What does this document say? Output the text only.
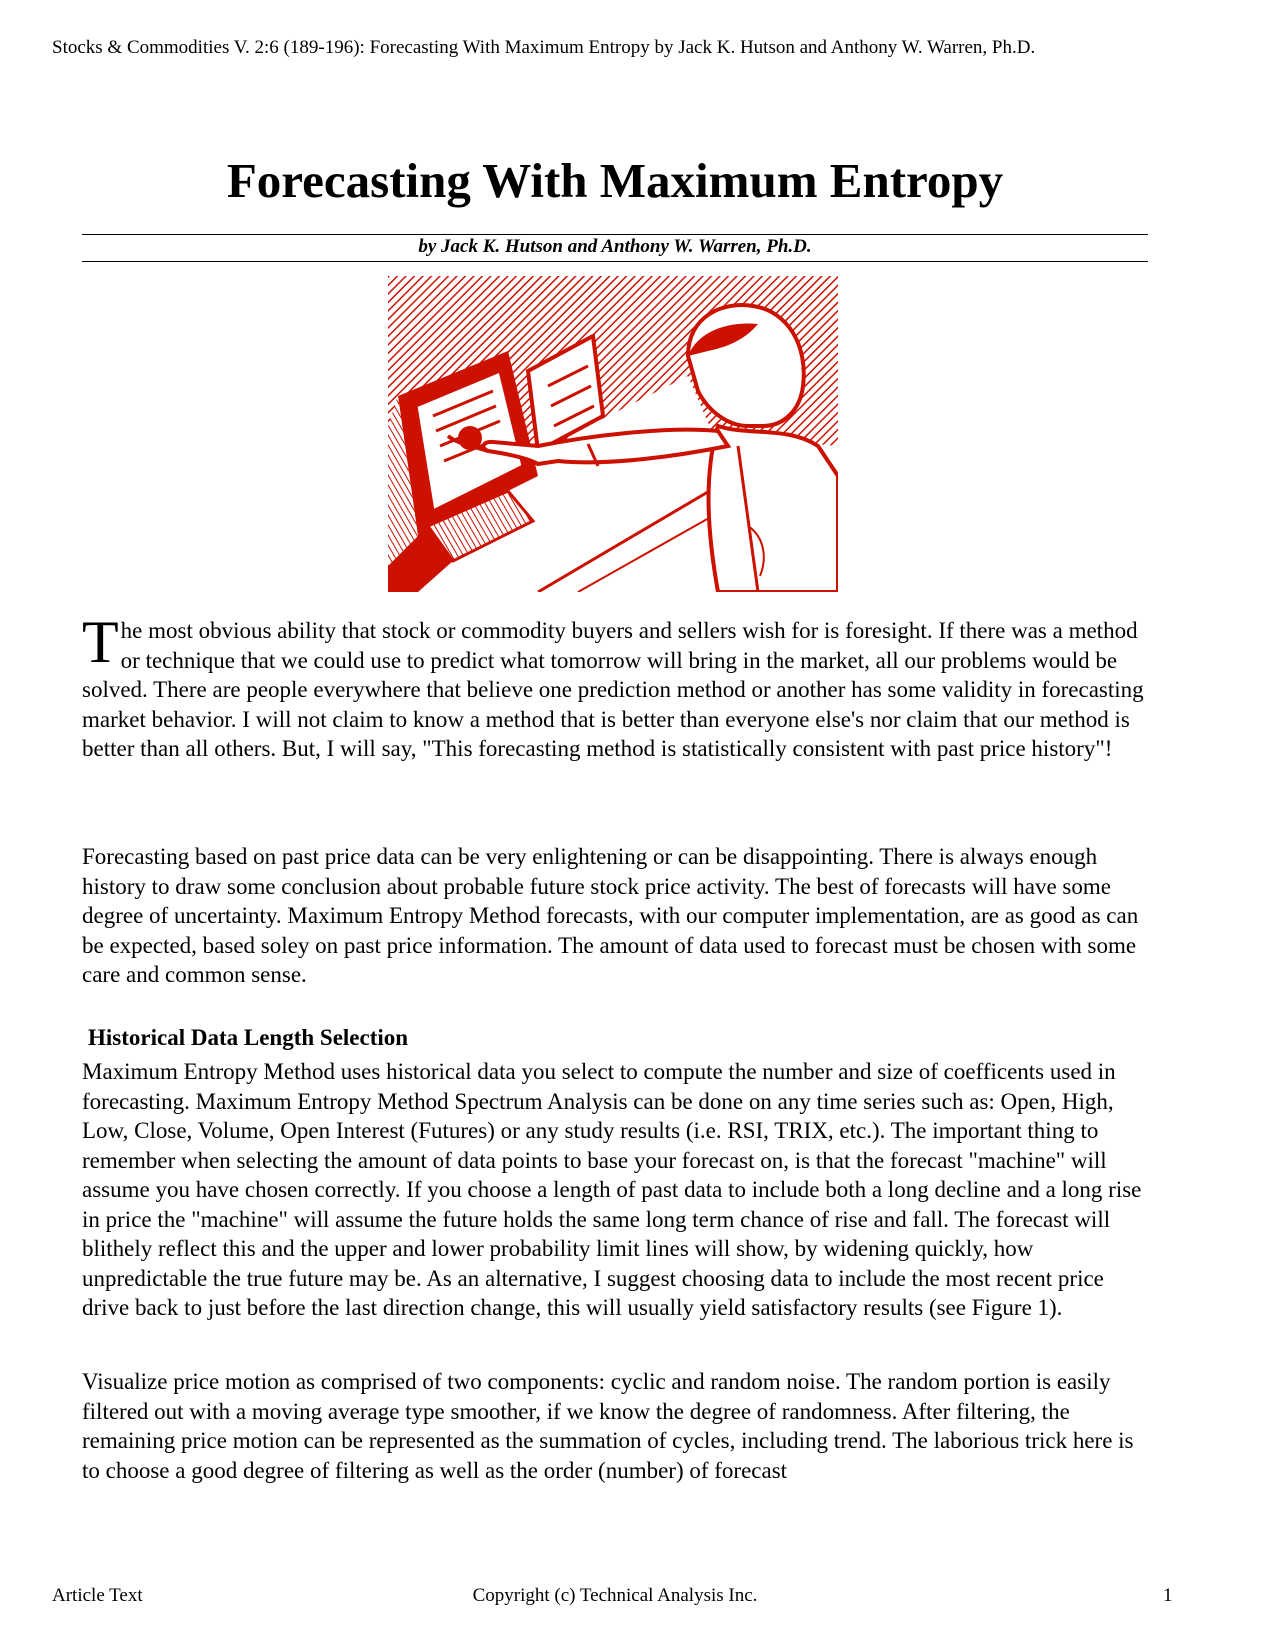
Stocks & Commodities V. 2:6 (189-196): Forecasting With Maximum Entropy by Jack K. Hutson and Anthony W. Warren, Ph.D.
Forecasting With Maximum Entropy
by Jack K. Hutson and Anthony W. Warren, Ph.D.

The most obvious ability that stock or commodity buyers and sellers wish for is foresight. If there was a method or technique that we could use to predict what tomorrow will bring in the market, all our problems would be solved. There are people everywhere that believe one prediction method or another has some validity in forecasting market behavior. I will not claim to know a method that is better than everyone else's nor claim that our method is better than all others. But, I will say, "This forecasting method is statistically consistent with past price history"!

Forecasting based on past price data can be very enlightening or can be disappointing. There is always enough history to draw some conclusion about probable future stock price activity. The best of forecasts will have some degree of uncertainty. Maximum Entropy Method forecasts, with our computer implementation, are as good as can be expected, based soley on past price information. The amount of data used to forecast must be chosen with some care and common sense.

Historical Data Length Selection

Maximum Entropy Method uses historical data you select to compute the number and size of coefficents used in forecasting. Maximum Entropy Method Spectrum Analysis can be done on any time series such as: Open, High, Low, Close, Volume, Open Interest (Futures) or any study results (i.e. RSI, TRIX, etc.). The important thing to remember when selecting the amount of data points to base your forecast on, is that the forecast "machine" will assume you have chosen correctly. If you choose a length of past data to include both a long decline and a long rise in price the "machine" will assume the future holds the same long term chance of rise and fall. The forecast will blithely reflect this and the upper and lower probability limit lines will show, by widening quickly, how unpredictable the true future may be. As an alternative, I suggest choosing data to include the most recent price drive back to just before the last direction change, this will usually yield satisfactory results (see Figure 1).

Visualize price motion as comprised of two components: cyclic and random noise. The random portion is easily filtered out with a moving average type smoother, if we know the degree of randomness. After filtering, the remaining price motion can be represented as the summation of cycles, including trend. The laborious trick here is to choose a good degree of filtering as well as the order (number) of forecast

Article Text	Copyright (c) Technical Analysis Inc.	1
